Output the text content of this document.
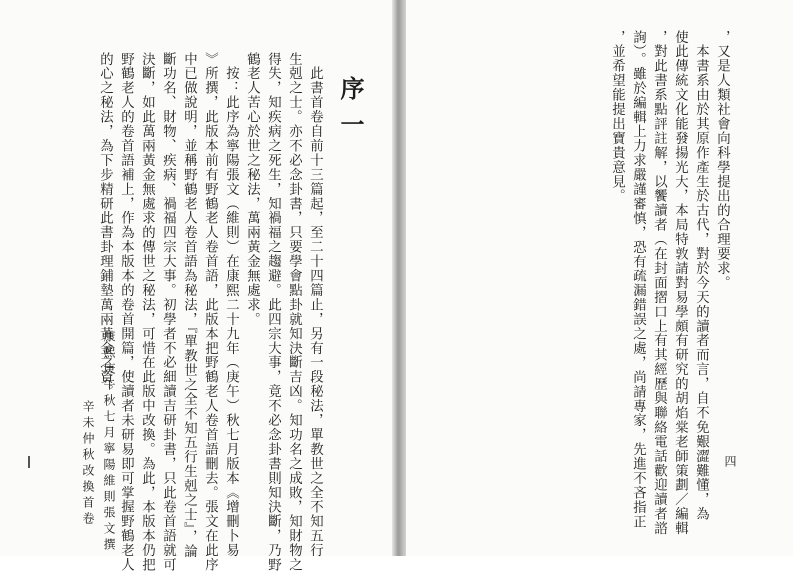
序一
　此書首卷自前十三篇起，至二十四篇止，另有一段秘法，單教世之全不知五行
生剋之士。亦不必念卦書，只要學會點卦就知決斷吉凶。知功名之成敗，知財物之
得失，知疾病之死生，知禍福之趨避。此四宗大事，竟不必念卦書則知決斷，乃野
鶴老人苦心於世之秘法，萬兩黃金無處求。
　按：此序為寧陽張文（維則）在康熙二十九年（庚午）秋七月版本《增刪卜易
》所撰，此版本前有野鶴老人卷首語，此版本把野鶴老人卷首語刪去。張文在此序
中已做說明，並稱野鶴老人卷首語為秘法，『單教世之全不知五行生剋之士』，論
斷功名、財物、疾病、禍福四宗大事。初學者不必細讀吉研卦書，只此卷首語就可
決斷，如此萬兩黃金無處求的傳世之秘法，可惜在此版中改換。為此，本版本仍把
野鶴老人的卷首語補上，作為本版本的卷首開篇，使讀者未研易即可掌握野鶴老人
的心之秘法，為下步精研此書卦理鋪墊萬兩黃金之資。
康熙庚午秋七月寧陽維則張文撰
辛未仲秋改換首卷
，又是人類社會向科學提出的合理要求。
　本書系由於其原作產生於古代，對於今天的讀者而言，自不免艱澀難懂，為
使此傳統文化能發揚光大，本局特敦請對易學頗有研究的胡焰棠老師策劃／編輯
，對此書系點評註解，以饗讀者（在封面摺口上有其經歷與聯絡電話歡迎讀者諮
詢）。雖於編輯上力求嚴謹審慎，恐有疏漏錯誤之處，尚請專家，先進不吝指正
，並希望能提出寶貴意見。
四
